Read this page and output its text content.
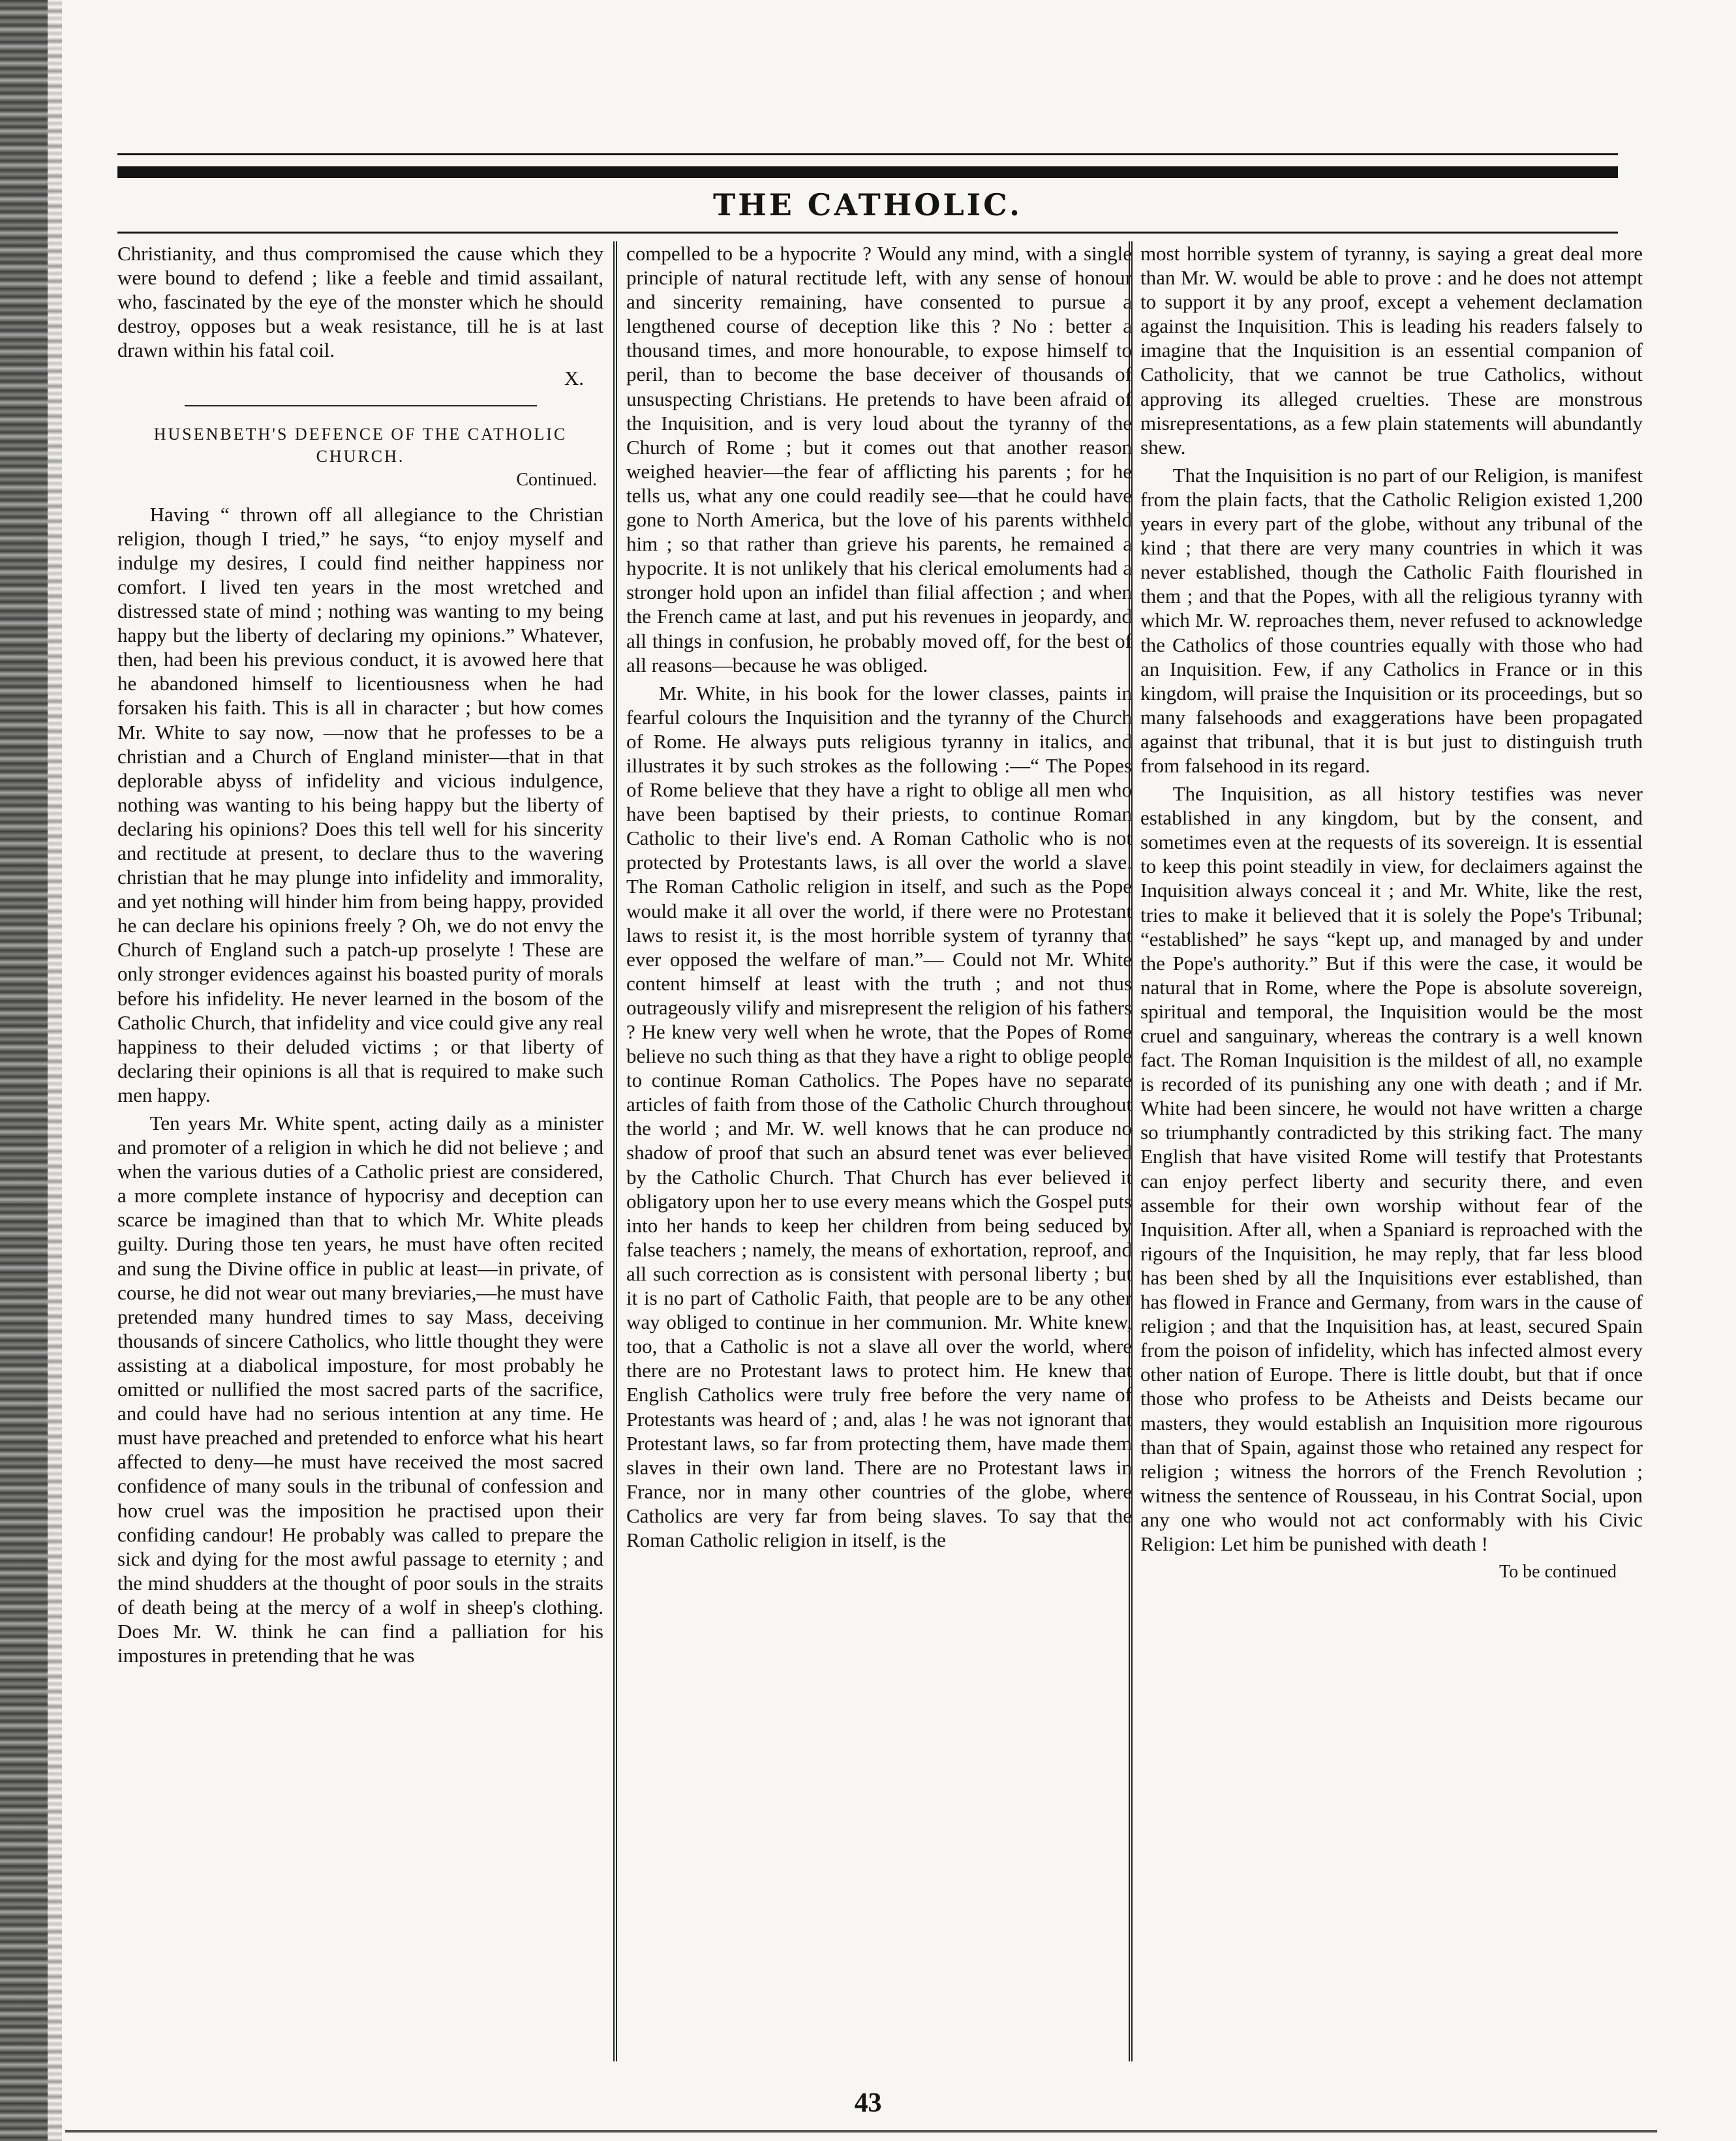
THE CATHOLIC.

Christianity, and thus compromised the cause which they were bound to defend ; like a feeble and timid assailant, who, fascinated by the eye of the monster which he should destroy, opposes but a weak resistance, till he is at last drawn within his fatal coil.

X.
HUSENBETH'S DEFENCE OF THE CATHOLIC CHURCH.
Continued.

Having “ thrown off all allegiance to the Christian religion, though I tried,” he says, “to enjoy myself and indulge my desires, I could find neither happiness nor comfort. I lived ten years in the most wretched and distressed state of mind ; nothing was wanting to my being happy but the liberty of declaring my opinions.” Whatever, then, had been his previous conduct, it is avowed here that he abandoned himself to licentiousness when he had forsaken his faith. This is all in character ; but how comes Mr. White to say now, —now that he professes to be a christian and a Church of England minister—that in that deplorable abyss of infidelity and vicious indulgence, nothing was wanting to his being happy but the liberty of declaring his opinions? Does this tell well for his sincerity and rectitude at present, to declare thus to the wavering christian that he may plunge into infidelity and immorality, and yet nothing will hinder him from being happy, provided he can declare his opinions freely ? Oh, we do not envy the Church of England such a patch-up proselyte ! These are only stronger evidences against his boasted purity of morals before his infidelity. He never learned in the bosom of the Catholic Church, that infidelity and vice could give any real happiness to their deluded victims ; or that liberty of declaring their opinions is all that is required to make such men happy.

Ten years Mr. White spent, acting daily as a minister and promoter of a religion in which he did not believe ; and when the various duties of a Catholic priest are considered, a more complete instance of hypocrisy and deception can scarce be imagined than that to which Mr. White pleads guilty. During those ten years, he must have often recited and sung the Divine office in public at least—in private, of course, he did not wear out many breviaries,—he must have pretended many hundred times to say Mass, deceiving thousands of sincere Catholics, who little thought they were assisting at a diabolical imposture, for most probably he omitted or nullified the most sacred parts of the sacrifice, and could have had no serious intention at any time. He must have preached and pretended to enforce what his heart affected to deny—he must have received the most sacred confidence of many souls in the tribunal of confession and how cruel was the imposition he practised upon their confiding candour! He probably was called to prepare the sick and dying for the most awful passage to eternity ; and the mind shudders at the thought of poor souls in the straits of death being at the mercy of a wolf in sheep's clothing. Does Mr. W. think he can find a palliation for his impostures in pretending that he was

compelled to be a hypocrite ? Would any mind, with a single principle of natural rectitude left, with any sense of honour and sincerity remaining, have consented to pursue a lengthened course of deception like this ? No : better a thousand times, and more honourable, to expose himself to peril, than to become the base deceiver of thousands of unsuspecting Christians. He pretends to have been afraid of the Inquisition, and is very loud about the tyranny of the Church of Rome ; but it comes out that another reason weighed heavier—the fear of afflicting his parents ; for he tells us, what any one could readily see—that he could have gone to North America, but the love of his parents withheld him ; so that rather than grieve his parents, he remained a hypocrite. It is not unlikely that his clerical emoluments had a stronger hold upon an infidel than filial affection ; and when the French came at last, and put his revenues in jeopardy, and all things in confusion, he probably moved off, for the best of all reasons—because he was obliged.

Mr. White, in his book for the lower classes, paints in fearful colours the Inquisition and the tyranny of the Church of Rome. He always puts religious tyranny in italics, and illustrates it by such strokes as the following :—“ The Popes of Rome believe that they have a right to oblige all men who have been baptised by their priests, to continue Roman Catholic to their live's end. A Roman Catholic who is not protected by Protestants laws, is all over the world a slave. The Roman Catholic religion in itself, and such as the Pope would make it all over the world, if there were no Protestant laws to resist it, is the most horrible system of tyranny that ever opposed the welfare of man.”— Could not Mr. White content himself at least with the truth ; and not thus outrageously vilify and misrepresent the religion of his fathers ? He knew very well when he wrote, that the Popes of Rome believe no such thing as that they have a right to oblige people to continue Roman Catholics. The Popes have no separate articles of faith from those of the Catholic Church throughout the world ; and Mr. W. well knows that he can produce no shadow of proof that such an absurd tenet was ever believed by the Catholic Church. That Church has ever believed it obligatory upon her to use every means which the Gospel puts into her hands to keep her children from being seduced by false teachers ; namely, the means of exhortation, reproof, and all such correction as is consistent with personal liberty ; but it is no part of Catholic Faith, that people are to be any other way obliged to continue in her communion. Mr. White knew, too, that a Catholic is not a slave all over the world, where there are no Protestant laws to protect him. He knew that English Catholics were truly free before the very name of Protestants was heard of ; and, alas ! he was not ignorant that Protestant laws, so far from protecting them, have made them slaves in their own land. There are no Protestant laws in France, nor in many other countries of the globe, where Catholics are very far from being slaves. To say that the Roman Catholic religion in itself, is the

most horrible system of tyranny, is saying a great deal more than Mr. W. would be able to prove : and he does not attempt to support it by any proof, except a vehement declamation against the Inquisition. This is leading his readers falsely to imagine that the Inquisition is an essential companion of Catholicity, that we cannot be true Catholics, without approving its alleged cruelties. These are monstrous misrepresentations, as a few plain statements will abundantly shew.

That the Inquisition is no part of our Religion, is manifest from the plain facts, that the Catholic Religion existed 1,200 years in every part of the globe, without any tribunal of the kind ; that there are very many countries in which it was never established, though the Catholic Faith flourished in them ; and that the Popes, with all the religious tyranny with which Mr. W. reproaches them, never refused to acknowledge the Catholics of those countries equally with those who had an Inquisition. Few, if any Catholics in France or in this kingdom, will praise the Inquisition or its proceedings, but so many falsehoods and exaggerations have been propagated against that tribunal, that it is but just to distinguish truth from falsehood in its regard.

The Inquisition, as all history testifies was never established in any kingdom, but by the consent, and sometimes even at the requests of its sovereign. It is essential to keep this point steadily in view, for declaimers against the Inquisition always conceal it ; and Mr. White, like the rest, tries to make it believed that it is solely the Pope's Tribunal; “established” he says “kept up, and managed by and under the Pope's authority.” But if this were the case, it would be natural that in Rome, where the Pope is absolute sovereign, spiritual and temporal, the Inquisition would be the most cruel and sanguinary, whereas the contrary is a well known fact. The Roman Inquisition is the mildest of all, no example is recorded of its punishing any one with death ; and if Mr. White had been sincere, he would not have written a charge so triumphantly contradicted by this striking fact. The many English that have visited Rome will testify that Protestants can enjoy perfect liberty and security there, and even assemble for their own worship without fear of the Inquisition. After all, when a Spaniard is reproached with the rigours of the Inquisition, he may reply, that far less blood has been shed by all the Inquisitions ever established, than has flowed in France and Germany, from wars in the cause of religion ; and that the Inquisition has, at least, secured Spain from the poison of infidelity, which has infected almost every other nation of Europe. There is little doubt, but that if once those who profess to be Atheists and Deists became our masters, they would establish an Inquisition more rigourous than that of Spain, against those who retained any respect for religion ; witness the horrors of the French Revolution ; witness the sentence of Rousseau, in his Contrat Social, upon any one who would not act conformably with his Civic Religion: Let him be punished with death !

To be continued
43
